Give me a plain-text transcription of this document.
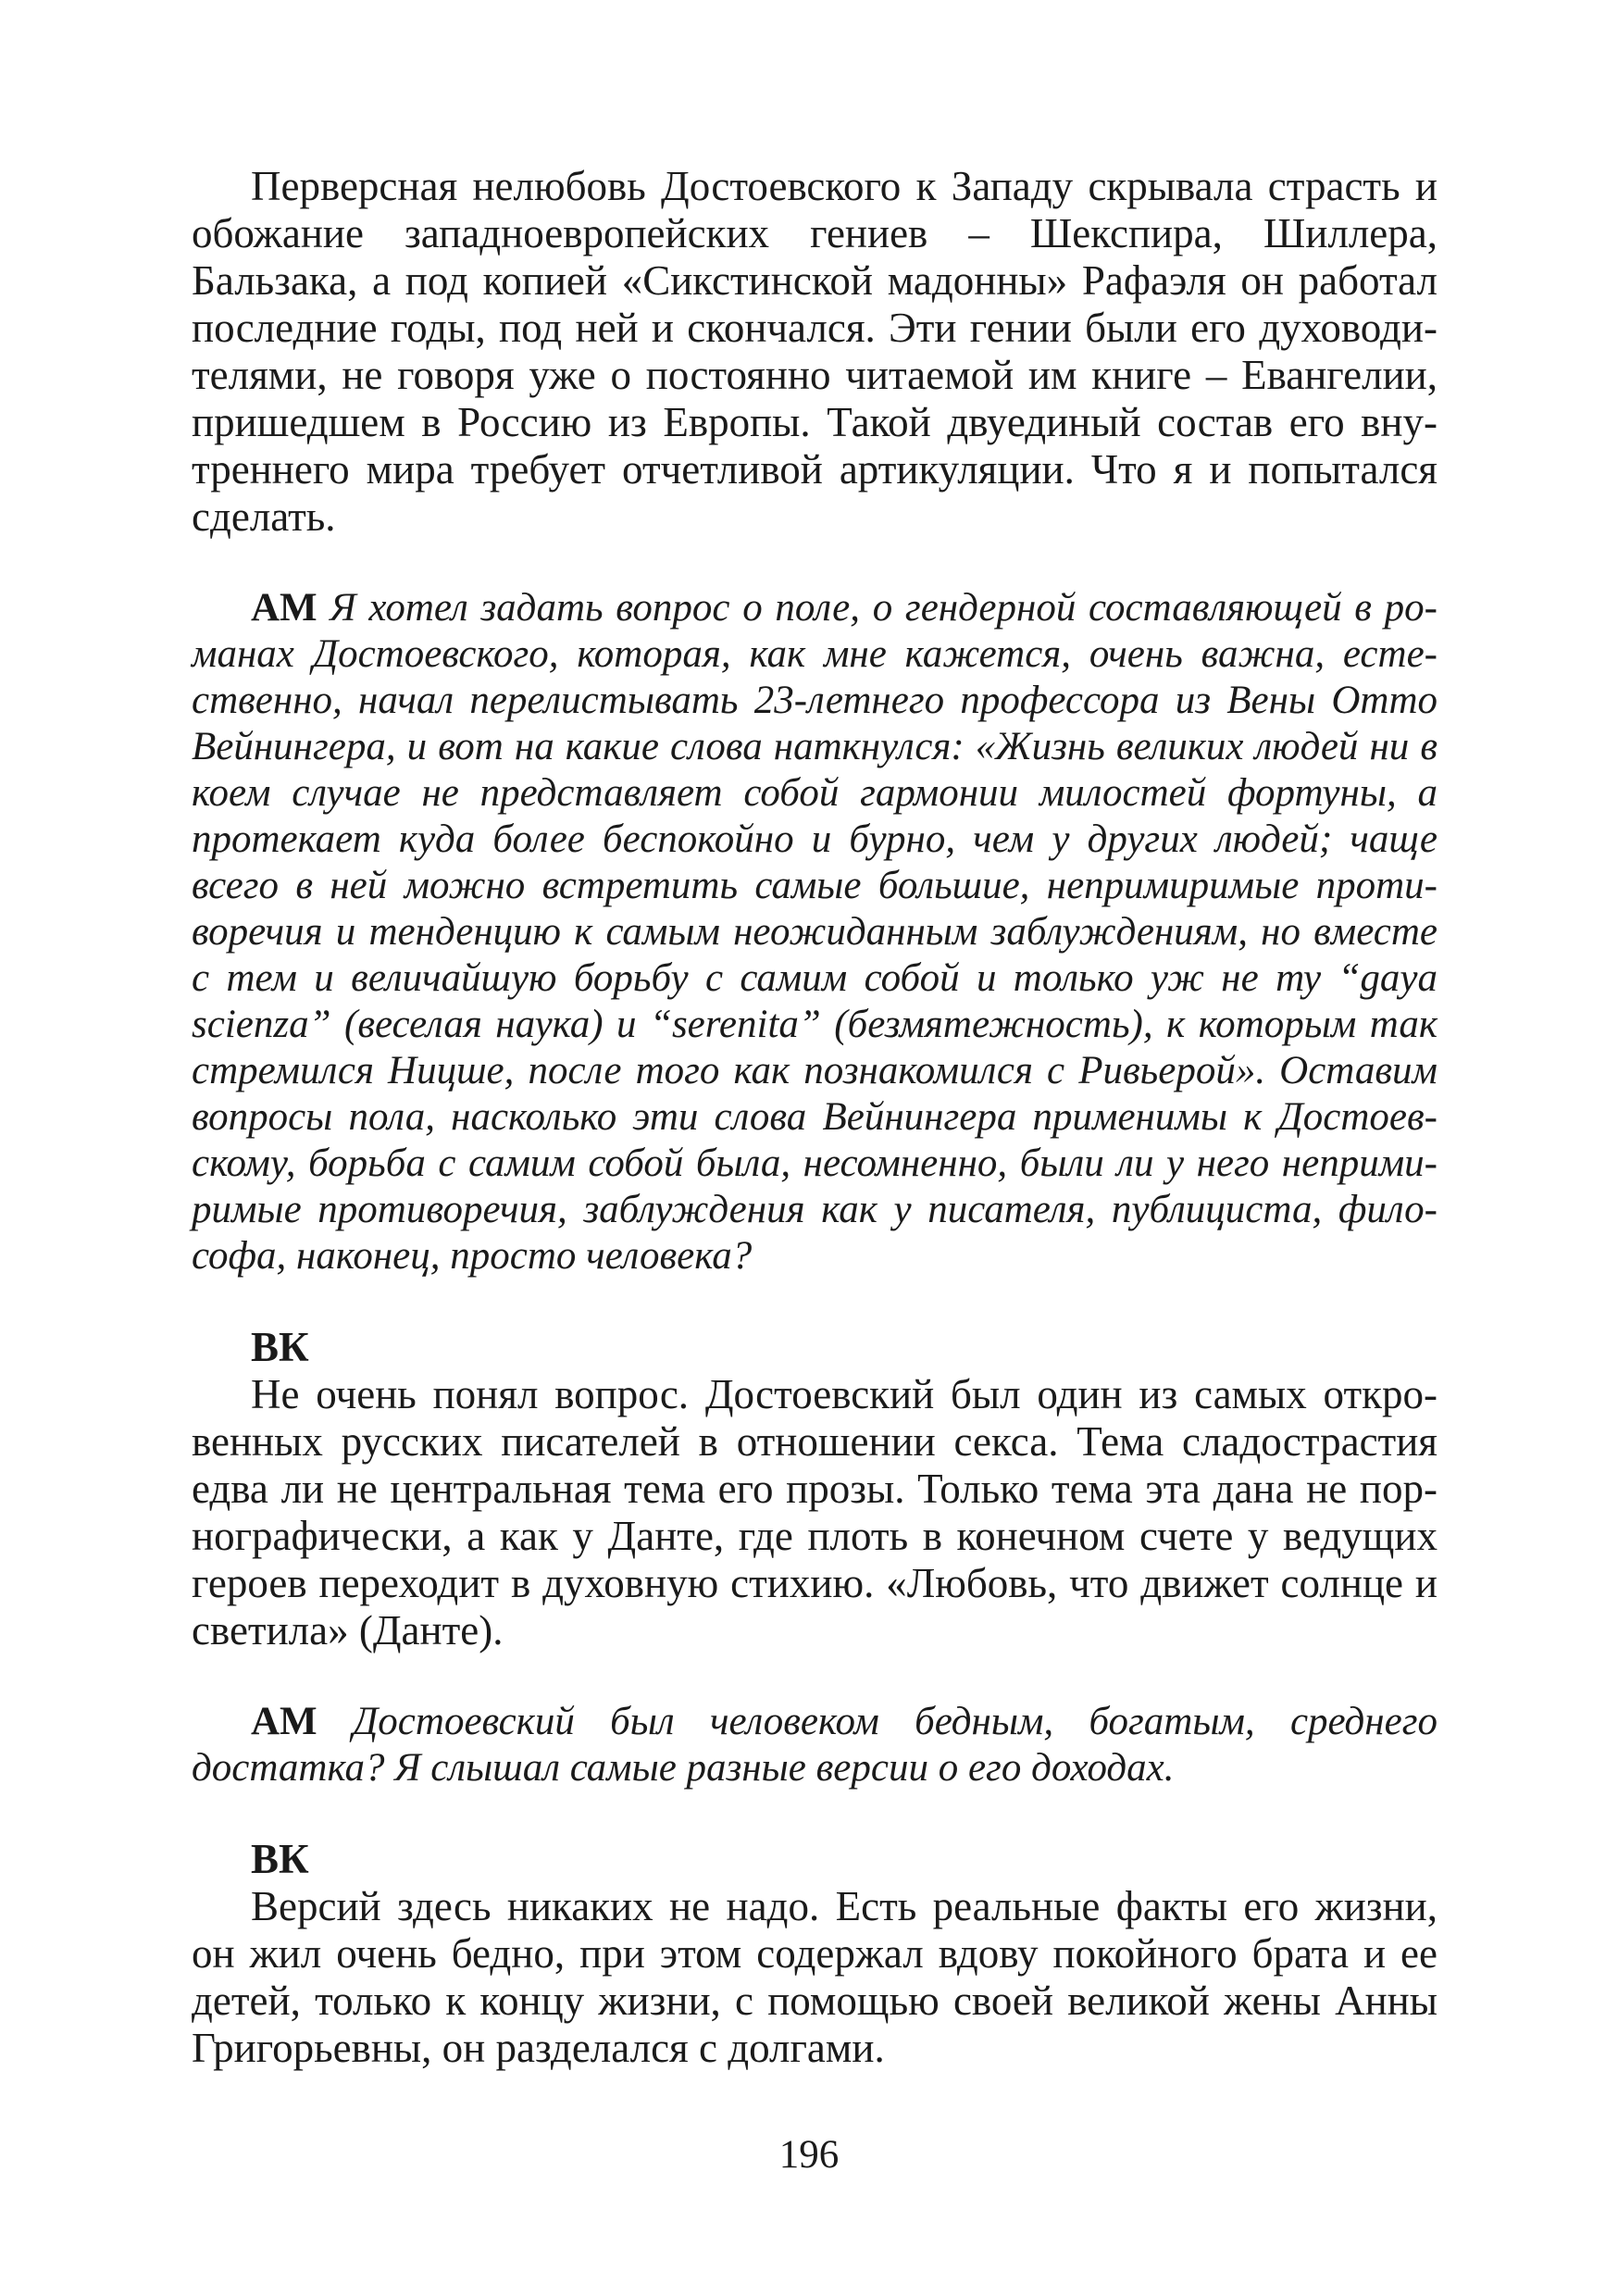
Перверсная нелюбовь Достоевского к Западу скрывала страсть и обожание западноевропейских гениев – Шекспира, Шиллера, Бальзака, а под копией «Сикстинской мадонны» Рафаэля он работал последние годы, под ней и скончался. Эти гении были его духоводителями, не говоря уже о постоянно читаемой им книге – Евангелии, пришедшем в Россию из Европы. Такой двуединый состав его внутреннего мира требует отчетливой артикуляции. Что я и попытался сделать.

АМ Я хотел задать вопрос о поле, о гендерной составляющей в романах Достоевского, которая, как мне кажется, очень важна, естественно, начал перелистывать 23-летнего профессора из Вены Отто Вейнингера, и вот на какие слова наткнулся: «Жизнь великих людей ни в коем случае не представляет собой гармонии милостей фортуны, а протекает куда более беспокойно и бурно, чем у других людей; чаще всего в ней можно встретить самые большие, непримиримые противоречия и тенденцию к самым неожиданным заблуждениям, но вместе с тем и величайшую борьбу с самим собой и только уж не ту “gaya scienza” (веселая наука) и “serenita” (безмятежность), к которым так стремился Ницше, после того как познакомился с Ривьерой». Оставим вопросы пола, насколько эти слова Вейнингера применимы к Достоевскому, борьба с самим собой была, несомненно, были ли у него непримиримые противоречия, заблуждения как у писателя, публициста, философа, наконец, просто человека?

ВК

Не очень понял вопрос. Достоевский был один из самых откровенных русских писателей в отношении секса. Тема сладострастия едва ли не центральная тема его прозы. Только тема эта дана не порнографически, а как у Данте, где плоть в конечном счете у ведущих героев переходит в духовную стихию. «Любовь, что движет солнце и светила» (Данте).

АМ Достоевский был человеком бедным, богатым, среднего достатка? Я слышал самые разные версии о его доходах.

ВК

Версий здесь никаких не надо. Есть реальные факты его жизни, он жил очень бедно, при этом содержал вдову покойного брата и ее детей, только к концу жизни, с помощью своей великой жены Анны Григорьевны, он разделался с долгами.

196
